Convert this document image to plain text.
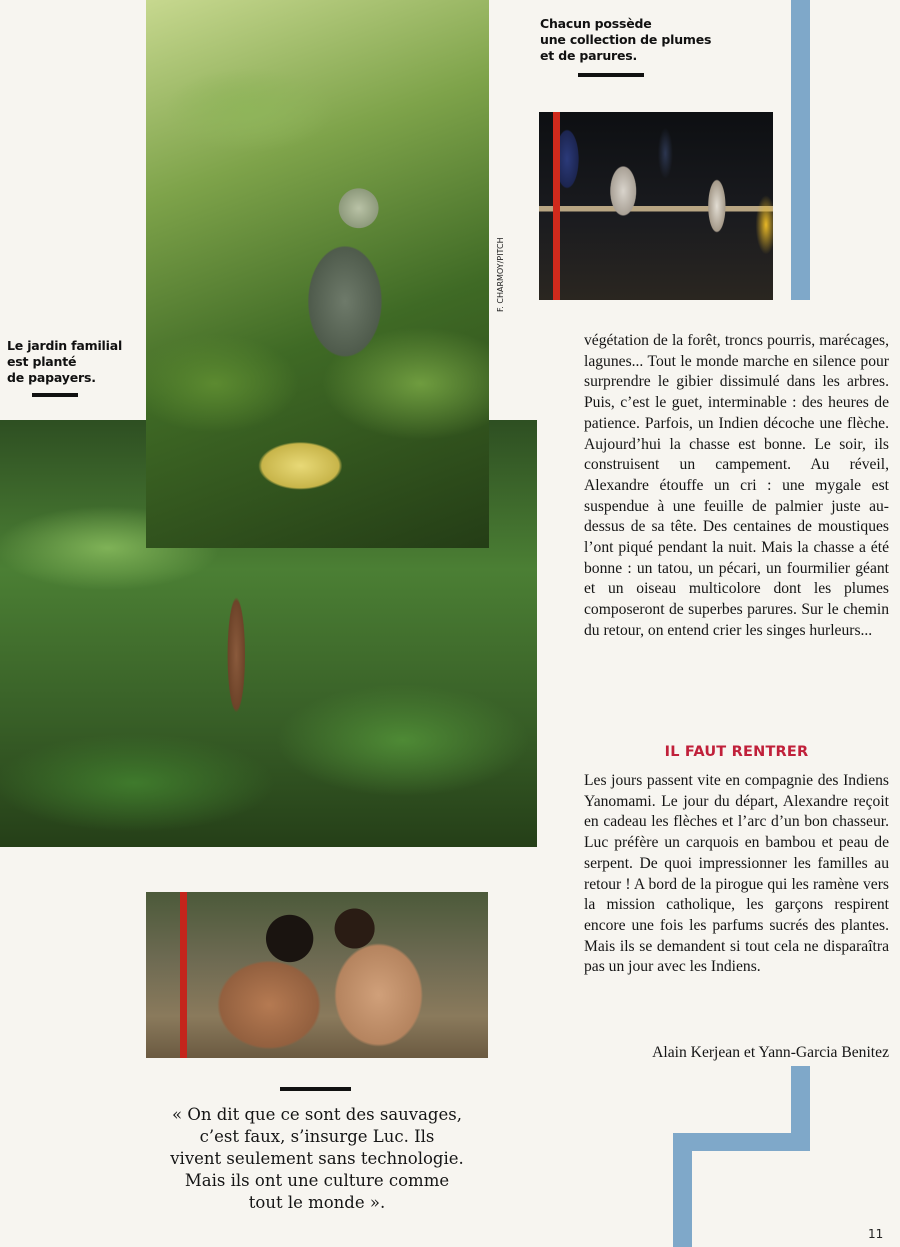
F. CHARMOY/PITCH
Chacun possède
une collection de plumes
et de parures.
Le jardin familial
est planté
de papayers.

végétation de la forêt, troncs pourris, marécages, lagunes... Tout le monde marche en silence pour surprendre le gibier dissimulé dans les arbres. Puis, c’est le guet, interminable : des heures de patience. Parfois, un Indien décoche une flèche. Aujourd’hui la chasse est bonne. Le soir, ils construisent un campement. Au réveil, Alexandre étouffe un cri : une mygale est suspendue à une feuille de palmier juste au-dessus de sa tête. Des centaines de moustiques l’ont piqué pendant la nuit. Mais la chasse a été bonne : un tatou, un pécari, un fourmilier géant et un oiseau multicolore dont les plumes composeront de superbes parures. Sur le chemin du retour, on entend crier les singes hurleurs...

IL FAUT RENTRER

Les jours passent vite en compagnie des Indiens Yanomami. Le jour du départ, Alexandre reçoit en cadeau les flèches et l’arc d’un bon chasseur. Luc préfère un carquois en bambou et peau de serpent. De quoi impressionner les familles au retour ! A bord de la pirogue qui les ramène vers la mission catholique, les garçons respirent encore une fois les parfums sucrés des plantes. Mais ils se demandent si tout cela ne disparaîtra pas un jour avec les Indiens.

Alain Kerjean et Yann-Garcia Benitez

« On dit que ce sont des sauvages,
c’est faux, s’insurge Luc. Ils
vivent seulement sans technologie.
Mais ils ont une culture comme
tout le monde ».

11
